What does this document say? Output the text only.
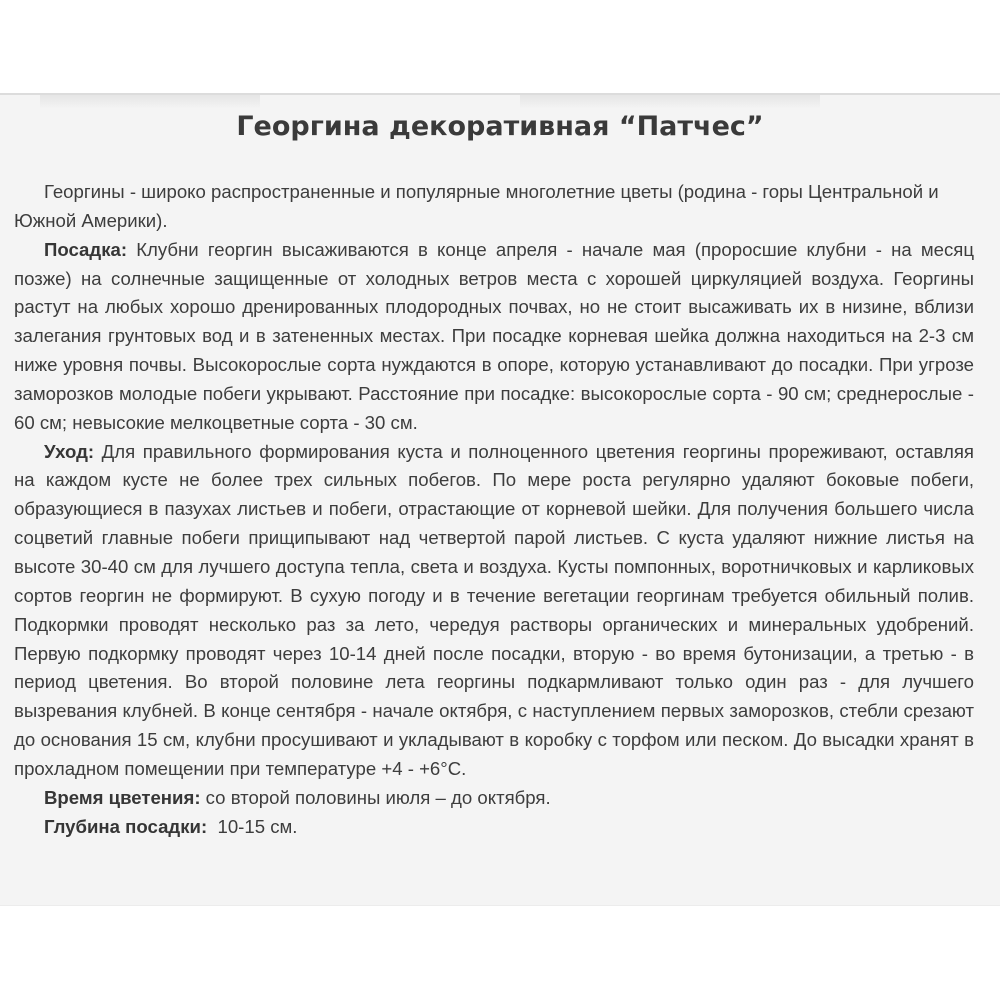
Георгина декоративная “Патчес”

Георгины - широко распространенные и популярные многолетние цветы (родина - горы Центральной и Южной Америки).

Посадка: Клубни георгин высаживаются в конце апреля - начале мая (проросшие клубни - на месяц позже) на солнечные защищенные от холодных ветров места с хорошей циркуляцией воздуха. Георгины растут на любых хорошо дренированных плодородных почвах, но не стоит высаживать их в низине, вблизи залегания грунтовых вод и в затененных местах. При посадке корневая шейка должна находиться на 2-3 см ниже уровня почвы. Высокорослые сорта нуждаются в опоре, которую устанавливают до посадки. При угрозе заморозков молодые побеги укрывают. Расстояние при посадке: высокорослые сорта - 90 см; среднерослые - 60 см; невысокие мелкоцветные сорта - 30 см.

Уход: Для правильного формирования куста и полноценного цветения георгины прореживают, оставляя на каждом кусте не более трех сильных побегов. По мере роста регулярно удаляют боковые побеги, образующиеся в пазухах листьев и побеги, отрастающие от корневой шейки. Для получения большего числа соцветий главные побеги прищипывают над четвертой парой листьев. С куста удаляют нижние листья на высоте 30-40 см для лучшего доступа тепла, света и воздуха. Кусты помпонных, воротничковых и карликовых сортов георгин не формируют. В сухую погоду и в течение вегетации георгинам требуется обильный полив. Подкормки проводят несколько раз за лето, чередуя растворы органических и минеральных удобрений. Первую подкормку проводят через 10-14 дней после посадки, вторую - во время бутонизации, а третью - в период цветения. Во второй половине лета георгины подкармливают только один раз - для лучшего вызревания клубней. В конце сентября - начале октября, с наступлением первых заморозков, стебли срезают до основания 15 см, клубни просушивают и укладывают в коробку с торфом или песком. До высадки хранят в прохладном помещении при температуре +4 - +6°C.

Время цветения: со второй половины июля – до октября.

Глубина посадки:  10-15 см.
